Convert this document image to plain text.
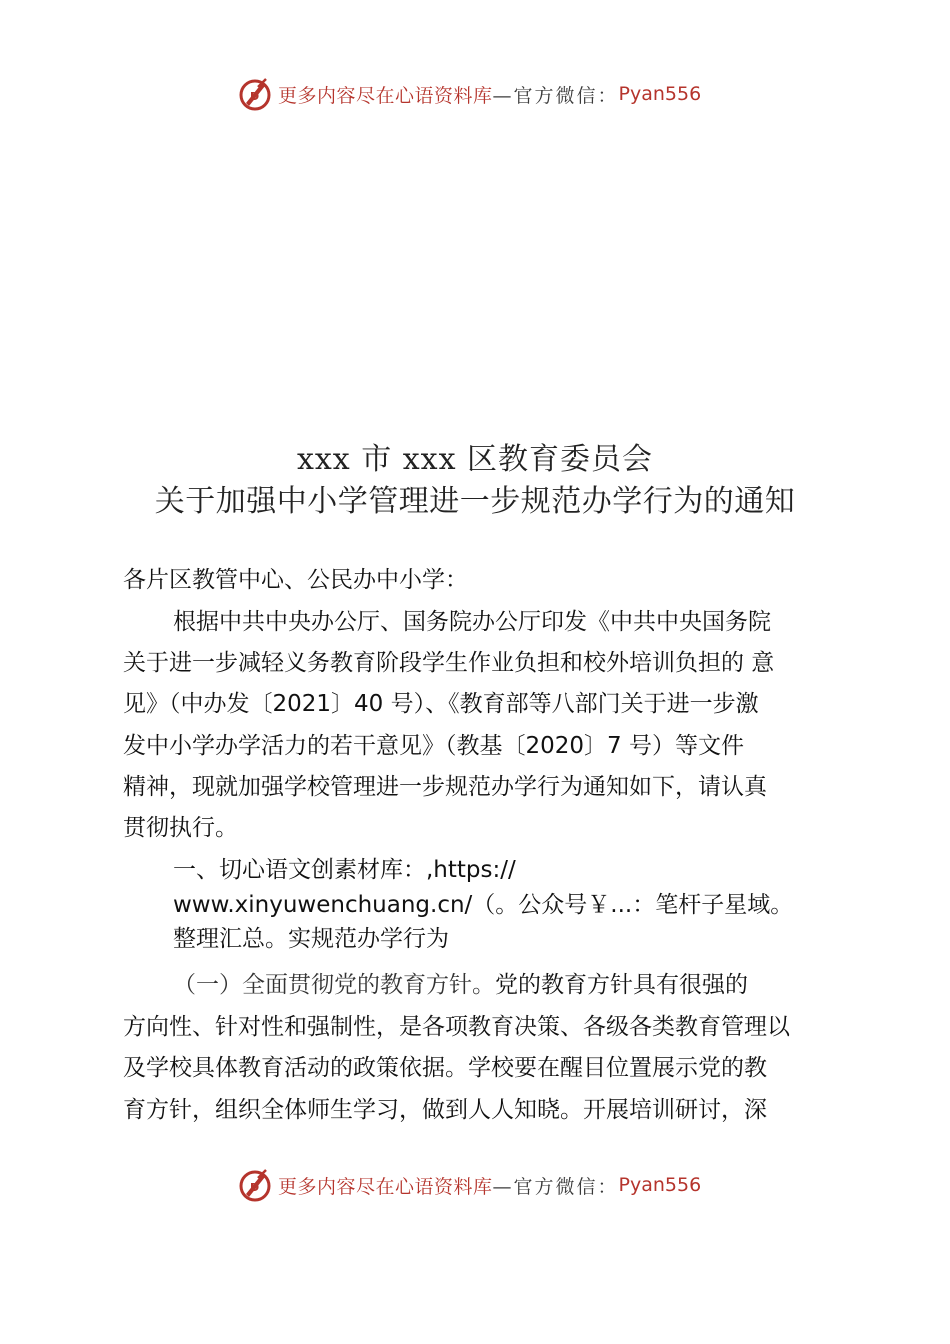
D 更多内容尽在心语资料库 —官方微信： Pyan556
xxx 市 xxx 区教育委员会
关于加强中小学管理进一步规范办学行为的通知
各片区教管中心、公民办中小学：
根据中共中央办公厅、国务院办公厅印发《中共中央国务院
关于进一步减轻义务教育阶段学生作业负担和校外培训负担的 意
见》（中办发〔2021〕40 号）、《教育部等八部门关于进一步激
发中小学办学活力的若干意见》（教基〔2020〕7 号）等文件
精神，现就加强学校管理进一步规范办学行为通知如下，请认真
贯彻执行。
一、切心语文创素材库：,https://
www.xinyuwenchuang.cn/（。公众号￥...：笔杆子星域。
整理汇总。实规范办学行为
（一）全面贯彻党的教育方针。党的教育方针具有很强的
方向性、针对性和强制性，是各项教育决策、各级各类教育管理以
及学校具体教育活动的政策依据。学校要在醒目位置展示党的教
育方针，组织全体师生学习，做到人人知晓。开展培训研讨，深
D 更多内容尽在心语资料库 —官方微信： Pyan556
